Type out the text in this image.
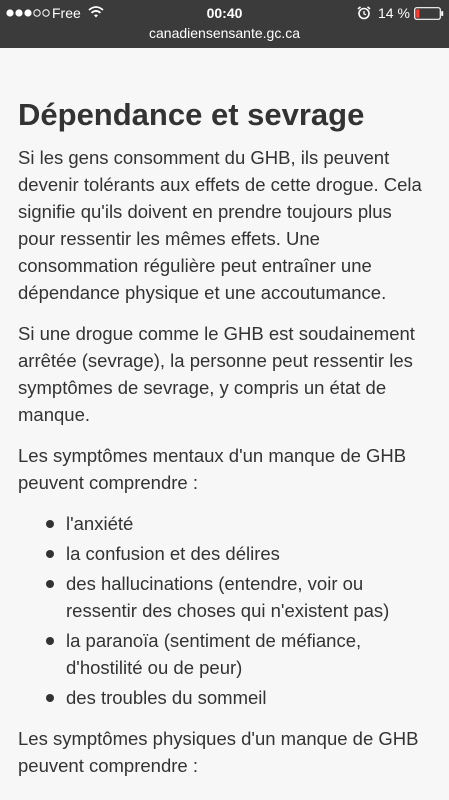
Free	00:40	14 %
canadiensensante.gc.ca
Dépendance et sevrage

Si les gens consomment du GHB, ils peuvent devenir tolérants aux effets de cette drogue. Cela signifie qu'ils doivent en prendre toujours plus pour ressentir les mêmes effets. Une consommation régulière peut entraîner une dépendance physique et une accoutumance.

Si une drogue comme le GHB est soudainement arrêtée (sevrage), la personne peut ressentir les symptômes de sevrage, y compris un état de manque.

Les symptômes mentaux d'un manque de GHB peuvent comprendre :

l'anxiété
la confusion et des délires
des hallucinations (entendre, voir ou ressentir des choses qui n'existent pas)
la paranoïa (sentiment de méfiance, d'hostilité ou de peur)
des troubles du sommeil

Les symptômes physiques d'un manque de GHB peuvent comprendre :
